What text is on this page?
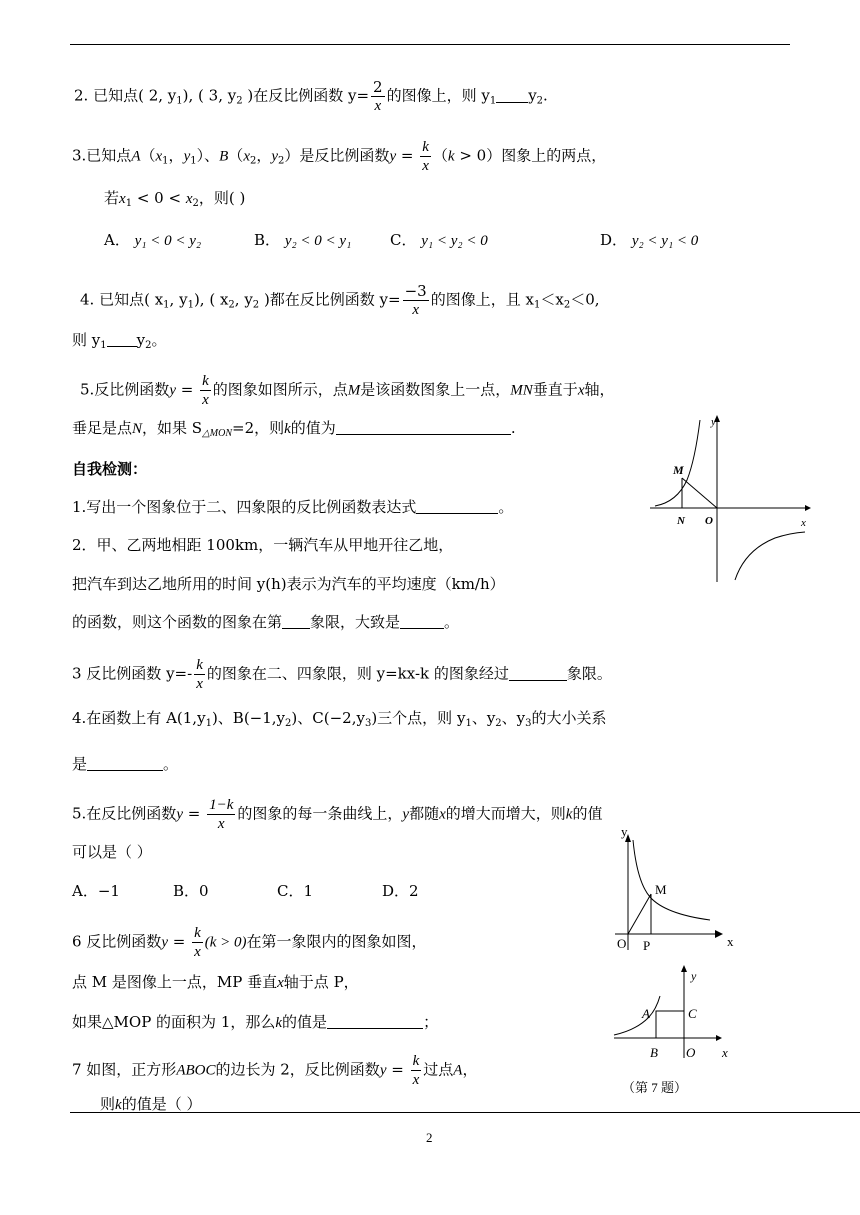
2. 已知点( 2, $y_1$), ( 3, $y_2$ )在反比例函数 $y= \frac{2}{x}$ 的图像上，则 $y_1$ $y_2$.
3.已知点$A(x_1$，$y_1$）、$B(x_2$，$y_2$）是反比例函数$y = \frac{k}{x} (k > 0)$图象上的两点，
若$x_1 < 0 < x_2$，则( )
A． y₁ < 0 < y₂	B． y₂ < 0 < y₁	C． y₁ < y₂ < 0	D． y₂ < y₁ < 0
4. 已知点( $x_1$, $y_1$), ( $x_2$, $y_2$ )都在反比例函数 $y= \frac{-3}{x}$ 的图像上，且 $x_1<x_2<0$,
则 $y_1$ $y_2$。
5.反比例函数$y = \frac{k}{x}$ 的图象如图所示，点M是该函数图象上一点，MN垂直于x轴，
垂足是点N，如果 $S_{\triangle MON}=2$，则k的值为	.
M
N O
y
x
自我检测：
1.写出一个图象位于二、四象限的反比例函数表达式	。
2．甲、乙两地相距 100km，一辆汽车从甲地开往乙地，
把汽车到达乙地所用的时间 y(h)表示为汽车的平均速度（km/h）
的函数，则这个函数的图象在第 象限，大致是	。
3 反比例函数 $y=- \frac{k}{x}$ 的图象在二、四象限，则 y=kx-k 的图象经过	象限。
4.在函数上有 $A(1,y_1)$、$B(-1,y_2)$、$C(-2,y_3)$三个点，则 $y_1$、$y_2$、$y_3$的大小关系
是	。
5.在反比例函数$y = \frac{1-k}{x}$ 的图象的每一条曲线上，y都随x的增大而增大，则k的值
可以是（ ）
A．−1	B．0	C．1	D．2
y
M
O P	x
6 反比例函数$y = \frac{k}{x} (k > 0)$在第一象限内的图象如图，
点 M 是图像上一点，MP 垂直x轴于点 P，
如果△MOP 的面积为 1，那么k的值是	；
y
A	C
B O x
（第 7 题）
7 如图，正方形ABOC的边长为 2，反比例函数$y = \frac{k}{x}$ 过点A，
则k的值是（ ）
2
